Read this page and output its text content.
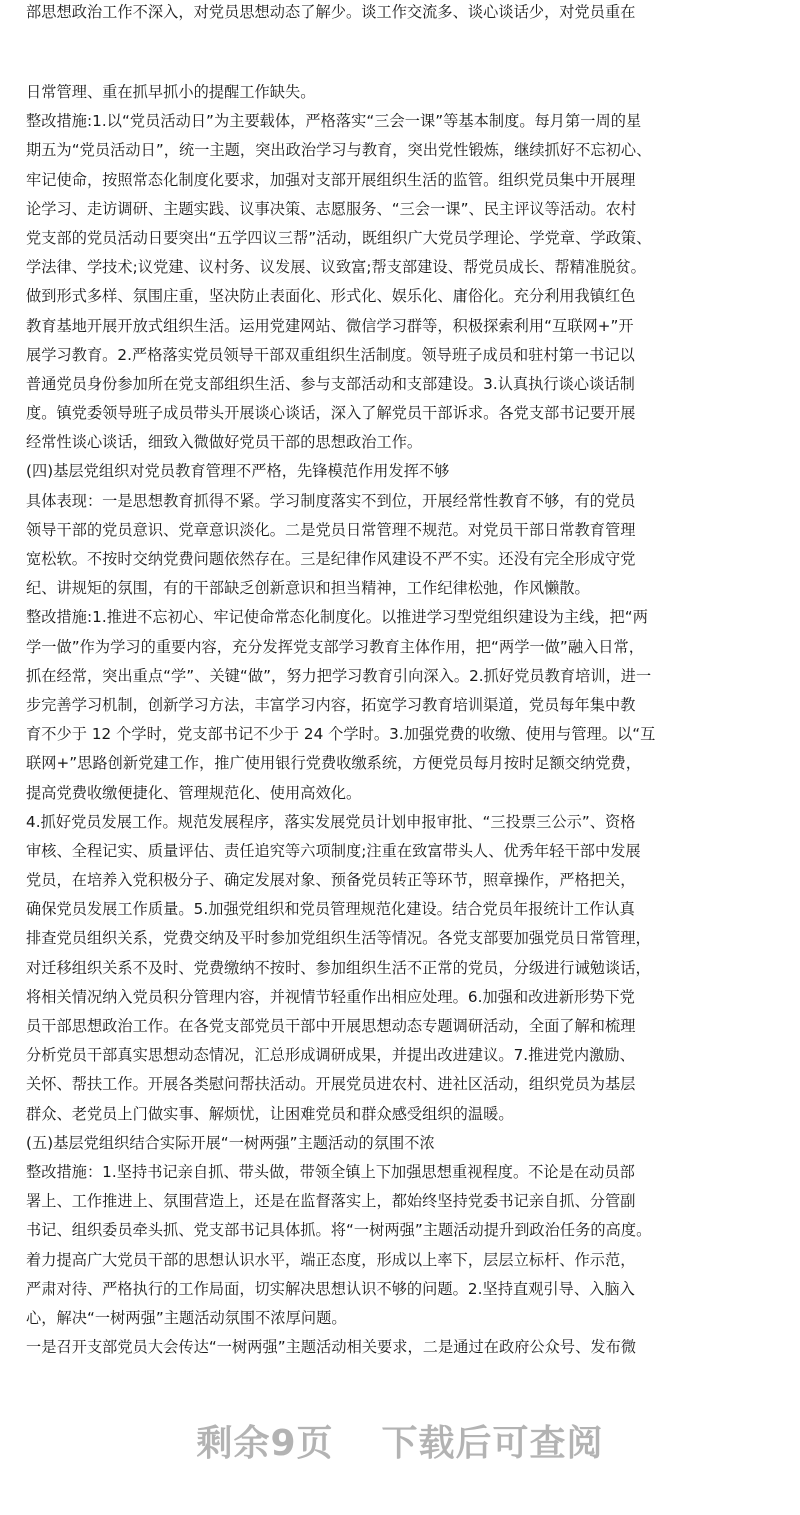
部思想政治工作不深入，对党员思想动态了解少。谈工作交流多、谈心谈话少，对党员重在
日常管理、重在抓早抓小的提醒工作缺失。
整改措施:1.以“党员活动日”为主要载体，严格落实“三会一课”等基本制度。每月第一周的星
期五为“党员活动日”，统一主题，突出政治学习与教育，突出党性锻炼，继续抓好不忘初心、
牢记使命，按照常态化制度化要求，加强对支部开展组织生活的监管。组织党员集中开展理
论学习、走访调研、主题实践、议事决策、志愿服务、“三会一课”、民主评议等活动。农村
党支部的党员活动日要突出“五学四议三帮”活动，既组织广大党员学理论、学党章、学政策、
学法律、学技术;议党建、议村务、议发展、议致富;帮支部建设、帮党员成长、帮精准脱贫。
做到形式多样、氛围庄重，坚决防止表面化、形式化、娱乐化、庸俗化。充分利用我镇红色
教育基地开展开放式组织生活。运用党建网站、微信学习群等，积极探索利用“互联网+”开
展学习教育。2.严格落实党员领导干部双重组织生活制度。领导班子成员和驻村第一书记以
普通党员身份参加所在党支部组织生活、参与支部活动和支部建设。3.认真执行谈心谈话制
度。镇党委领导班子成员带头开展谈心谈话，深入了解党员干部诉求。各党支部书记要开展
经常性谈心谈话，细致入微做好党员干部的思想政治工作。
(四)基层党组织对党员教育管理不严格，先锋模范作用发挥不够
具体表现：一是思想教育抓得不紧。学习制度落实不到位，开展经常性教育不够，有的党员
领导干部的党员意识、党章意识淡化。二是党员日常管理不规范。对党员干部日常教育管理
宽松软。不按时交纳党费问题依然存在。三是纪律作风建设不严不实。还没有完全形成守党
纪、讲规矩的氛围，有的干部缺乏创新意识和担当精神，工作纪律松弛，作风懒散。
整改措施:1.推进不忘初心、牢记使命常态化制度化。以推进学习型党组织建设为主线，把“两
学一做”作为学习的重要内容，充分发挥党支部学习教育主体作用，把“两学一做”融入日常，
抓在经常，突出重点“学”、关键“做”，努力把学习教育引向深入。2.抓好党员教育培训，进一
步完善学习机制，创新学习方法，丰富学习内容，拓宽学习教育培训渠道，党员每年集中教
育不少于 12 个学时，党支部书记不少于 24 个学时。3.加强党费的收缴、使用与管理。以“互
联网+”思路创新党建工作，推广使用银行党费收缴系统，方便党员每月按时足额交纳党费，
提高党费收缴便捷化、管理规范化、使用高效化。
4.抓好党员发展工作。规范发展程序，落实发展党员计划申报审批、“三投票三公示”、资格
审核、全程记实、质量评估、责任追究等六项制度;注重在致富带头人、优秀年轻干部中发展
党员，在培养入党积极分子、确定发展对象、预备党员转正等环节，照章操作，严格把关，
确保党员发展工作质量。5.加强党组织和党员管理规范化建设。结合党员年报统计工作认真
排查党员组织关系，党费交纳及平时参加党组织生活等情况。各党支部要加强党员日常管理，
对迁移组织关系不及时、党费缴纳不按时、参加组织生活不正常的党员，分级进行诫勉谈话，
将相关情况纳入党员积分管理内容，并视情节轻重作出相应处理。6.加强和改进新形势下党
员干部思想政治工作。在各党支部党员干部中开展思想动态专题调研活动，全面了解和梳理
分析党员干部真实思想动态情况，汇总形成调研成果，并提出改进建议。7.推进党内激励、
关怀、帮扶工作。开展各类慰问帮扶活动。开展党员进农村、进社区活动，组织党员为基层
群众、老党员上门做实事、解烦忧，让困难党员和群众感受组织的温暖。
(五)基层党组织结合实际开展“一树两强”主题活动的氛围不浓
整改措施：1.坚持书记亲自抓、带头做，带领全镇上下加强思想重视程度。不论是在动员部
署上、工作推进上、氛围营造上，还是在监督落实上，都始终坚持党委书记亲自抓、分管副
书记、组织委员牵头抓、党支部书记具体抓。将“一树两强”主题活动提升到政治任务的高度。
着力提高广大党员干部的思想认识水平，端正态度，形成以上率下，层层立标杆、作示范，
严肃对待、严格执行的工作局面，切实解决思想认识不够的问题。2.坚持直观引导、入脑入
心，解决“一树两强”主题活动氛围不浓厚问题。
一是召开支部党员大会传达“一树两强”主题活动相关要求，二是通过在政府公众号、发布微
剩余9页 下载后可查阅
